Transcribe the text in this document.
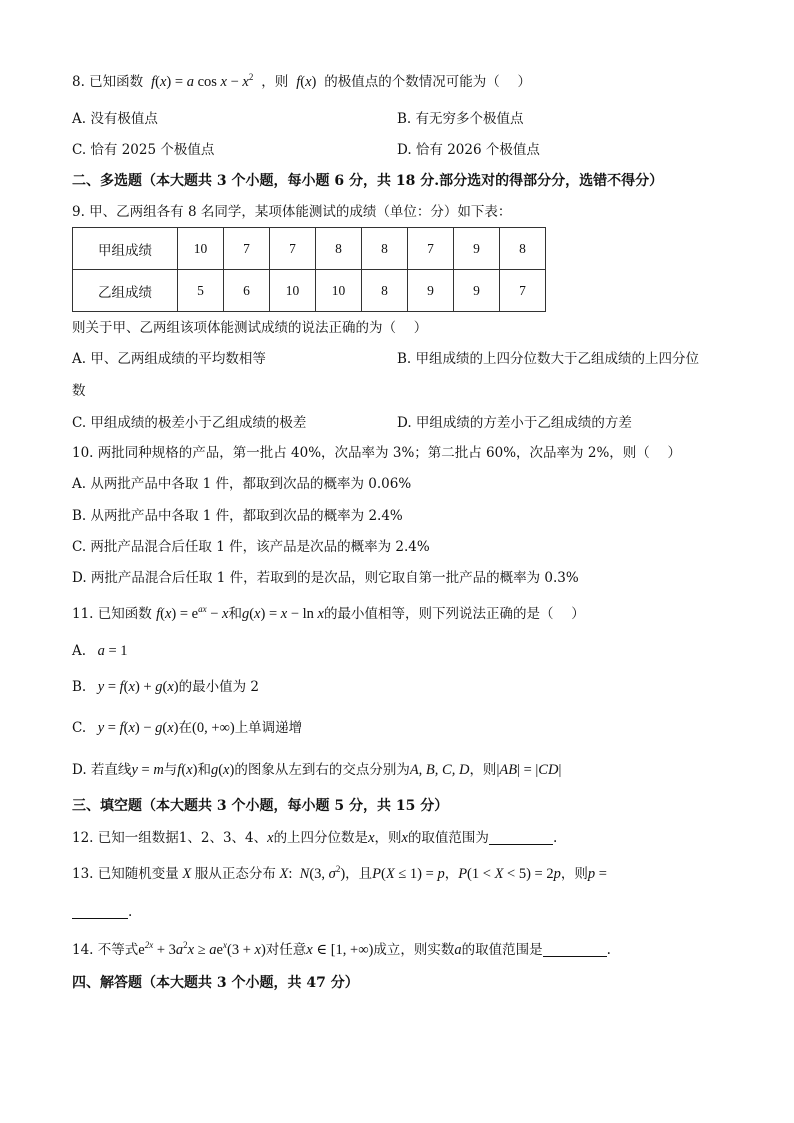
8. 已知函数  f(x) = a $\cos x - x^2$ ，则  f(x) 的极值点的个数情况可能为（　 ）
A. 没有极值点	B. 有无穷多个极值点
C. 恰有 2025 个极值点	D. 恰有 2026 个极值点
二、多选题（本大题共 3 个小题，每小题 6 分，共 18 分.部分选对的得部分分，选错不得分）
9. 甲、乙两组各有 8 名同学，某项体能测试的成绩（单位：分）如下表：
甲组成绩	10	7	7	8	8	7	9	8
乙组成绩	5	6	10	10	8	9	9	7
则关于甲、乙两组该项体能测试成绩的说法正确的为（　 ）
A. 甲、乙两组成绩的平均数相等	B. 甲组成绩的上四分位数大于乙组成绩的上四分位
数
C. 甲组成绩的极差小于乙组成绩的极差	D. 甲组成绩的方差小于乙组成绩的方差
10. 两批同种规格的产品，第一批占 40%，次品率为 3%；第二批占 60%，次品率为 2%，则（　 ）
A. 从两批产品中各取 1 件，都取到次品的概率为 0.06%
B. 从两批产品中各取 1 件，都取到次品的概率为 2.4%
C. 两批产品混合后任取 1 件，该产品是次品的概率为 2.4%
D. 两批产品混合后任取 1 件，若取到的是次品，则它取自第一批产品的概率为 0.3%
11. 已知函数 $f(x) = e^{ax} - x$和g(x) = x − ln x的最小值相等，则下列说法正确的是（　 ）
A.   a = 1
B.   y = f(x) + g(x)的最小值为 2
C.   y = f(x) − g(x)在(0, +∞)上单调递增
D. 若直线y = m与f(x)和g(x)的图象从左到右的交点分别为A, B, C, D，则|AB| = |CD|
三、填空题（本大题共 3 个小题，每小题 5 分，共 15 分）
12. 已知一组数据1、2、3、4、x的上四分位数是x，则x的取值范围为	.
13. 已知随机变量 X 服从正态分布 X:  N(3, $\sigma^2$)，且P(X ≤ 1) = p，P(1 < X < 5) = 2p，则p =
.
14. 不等式$e^{2x} + 3a^2x \ge ae^x(3 + x)$对任意x ∈ [1, +∞)成立，则实数a的取值范围是	.
四、解答题（本大题共 3 个小题，共 47 分）
